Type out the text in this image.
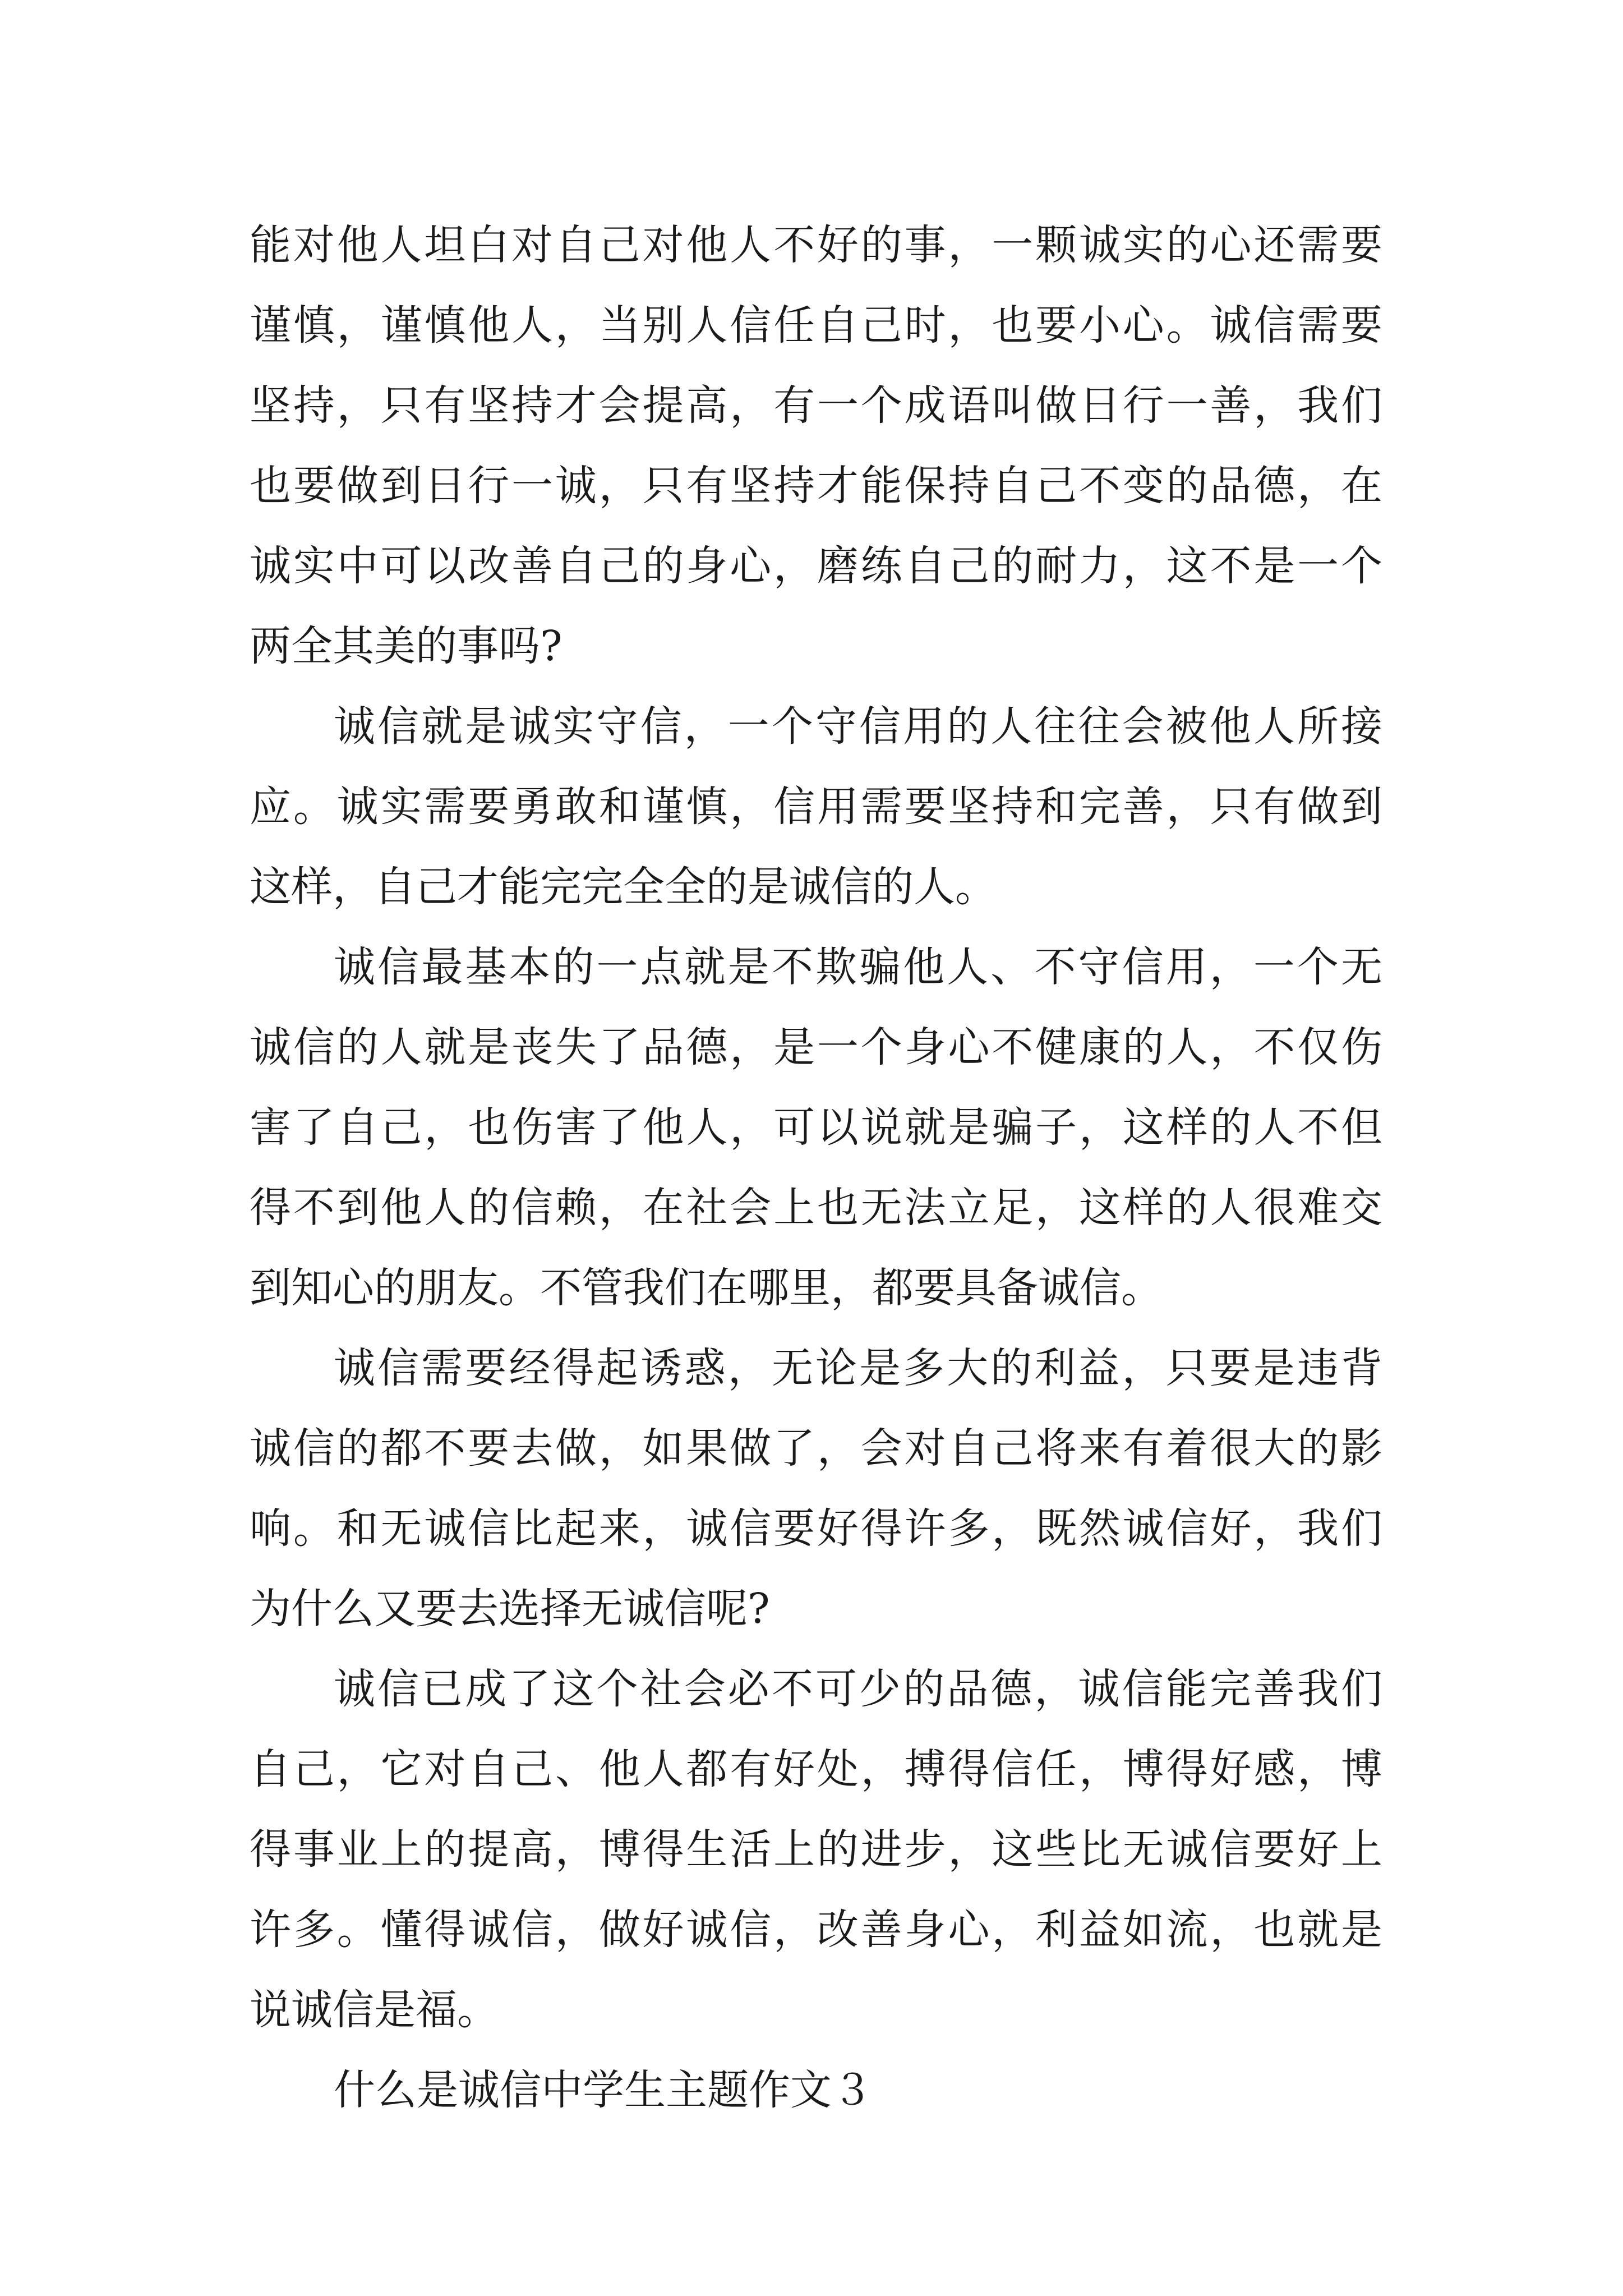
能对他人坦白对自己对他人不好的事，一颗诚实的心还需要
谨慎，谨慎他人，当别人信任自己时，也要小心。诚信需要
坚持，只有坚持才会提高，有一个成语叫做日行一善，我们
也要做到日行一诚，只有坚持才能保持自己不变的品德，在
诚实中可以改善自己的身心，磨练自己的耐力，这不是一个
两全其美的事吗?
诚信就是诚实守信，一个守信用的人往往会被他人所接
应。诚实需要勇敢和谨慎，信用需要坚持和完善，只有做到
这样，自己才能完完全全的是诚信的人。
诚信最基本的一点就是不欺骗他人、不守信用，一个无
诚信的人就是丧失了品德，是一个身心不健康的人，不仅伤
害了自己，也伤害了他人，可以说就是骗子，这样的人不但
得不到他人的信赖，在社会上也无法立足，这样的人很难交
到知心的朋友。不管我们在哪里，都要具备诚信。
诚信需要经得起诱惑，无论是多大的利益，只要是违背
诚信的都不要去做，如果做了，会对自己将来有着很大的影
响。和无诚信比起来，诚信要好得许多，既然诚信好，我们
为什么又要去选择无诚信呢?
诚信已成了这个社会必不可少的品德，诚信能完善我们
自己，它对自己、他人都有好处，搏得信任，博得好感，博
得事业上的提高，博得生活上的进步，这些比无诚信要好上
许多。懂得诚信，做好诚信，改善身心，利益如流，也就是
说诚信是福。
什么是诚信中学生主题作文３
